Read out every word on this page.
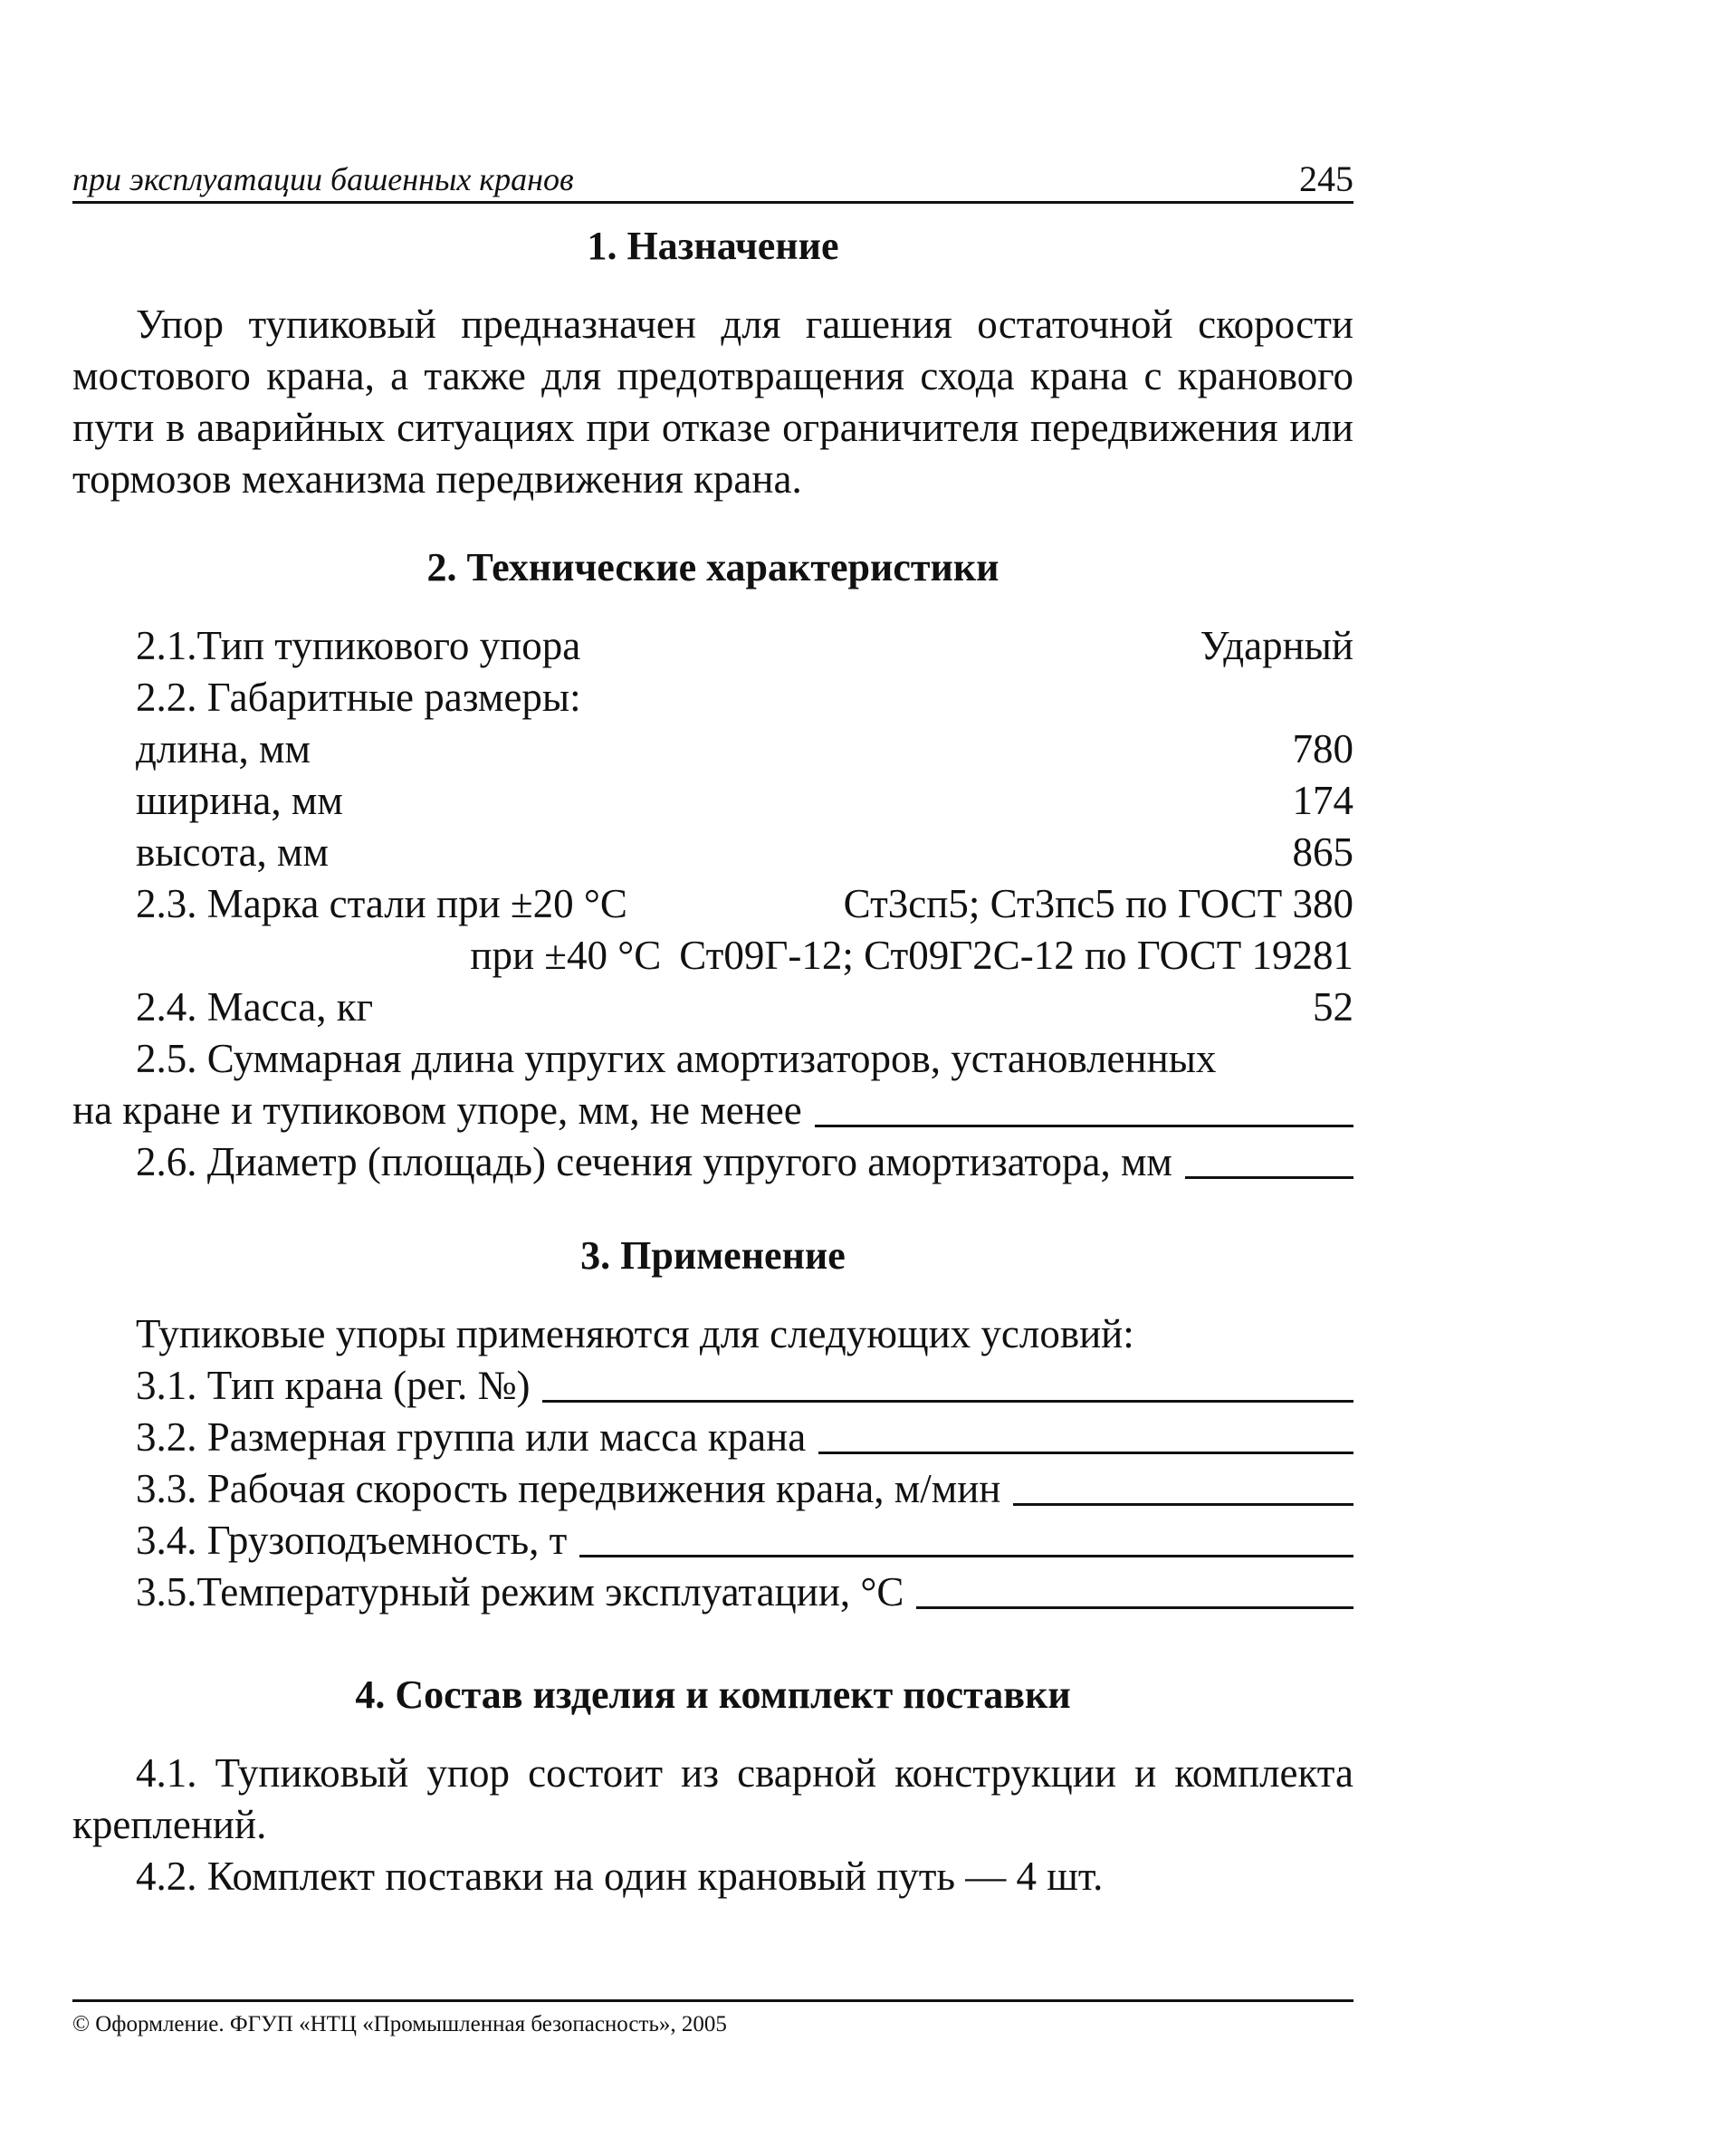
при эксплуатации башенных кранов	245
1. Назначение

Упор тупиковый предназначен для гашения остаточной скорости мостового крана, а также для предотвращения схода крана с кранового пути в аварийных ситуациях при отказе ограничителя передвижения или тормозов механизма передвижения крана.

2. Технические характеристики
2.1.Тип тупикового упора	Ударный
2.2. Габаритные размеры:
длина, мм	780
ширина, мм	174
высота, мм	865
2.3. Марка стали при ±20 °C	Ст3сп5; Ст3пс5 по ГОСТ 380
при ±40 °C Ст09Г-12; Ст09Г2С-12 по ГОСТ 19281
2.4. Масса, кг	52
2.5. Суммарная длина упругих амортизаторов, установленных
на кране и тупиковом упоре, мм, не менее
2.6. Диаметр (площадь) сечения упругого амортизатора, мм
3. Применение
Тупиковые упоры применяются для следующих условий:
3.1. Тип крана (рег. №)
3.2. Размерная группа или масса крана
3.3. Рабочая скорость передвижения крана, м/мин
3.4. Грузоподъемность, т
3.5.Температурный режим эксплуатации, °С
4. Состав изделия и комплект поставки

4.1. Тупиковый упор состоит из сварной конструкции и комплекта креплений.

4.2. Комплект поставки на один крановый путь — 4 шт.

© Оформление. ФГУП «НТЦ «Промышленная безопасность», 2005
